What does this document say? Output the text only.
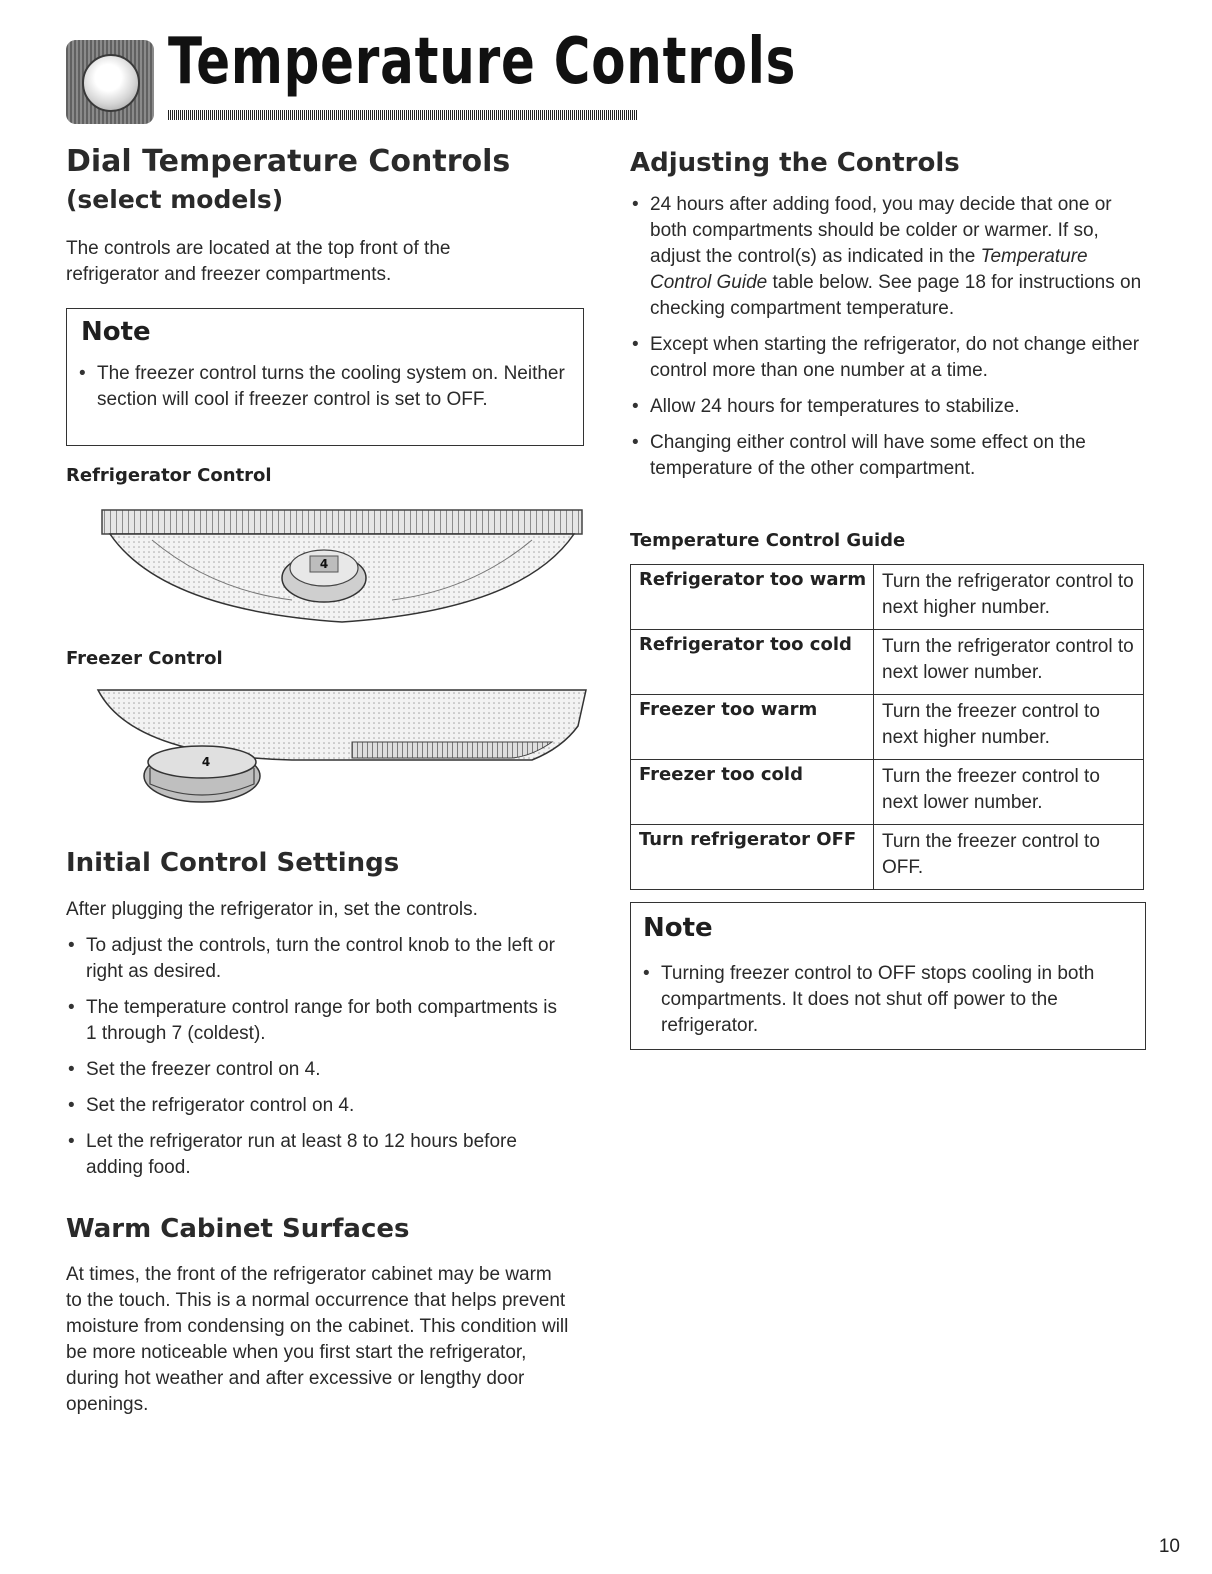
Temperature Controls
Dial Temperature Controls
(select models)
The controls are located at the top front of the refrigerator and freezer compartments.
Note
• The freezer control turns the cooling system on. Neither section will cool if freezer control is set to OFF.
Refrigerator Control
4
Freezer Control
4
Initial Control Settings
After plugging the refrigerator in, set the controls.
• To adjust the controls, turn the control knob to the left or right as desired.
• The temperature control range for both compartments is 1 through 7 (coldest).
• Set the freezer control on 4.
• Set the refrigerator control on 4.
• Let the refrigerator run at least 8 to 12 hours before adding food.
Warm Cabinet Surfaces
At times, the front of the refrigerator cabinet may be warm to the touch. This is a normal occurrence that helps prevent moisture from condensing on the cabinet. This condition will be more noticeable when you first start the refrigerator, during hot weather and after excessive or lengthy door openings.
Adjusting the Controls
• 24 hours after adding food, you may decide that one or both compartments should be colder or warmer. If so, adjust the control(s) as indicated in the Temperature Control Guide table below. See page 18 for instructions on checking compartment temperature.
• Except when starting the refrigerator, do not change either control more than one number at a time.
• Allow 24 hours for temperatures to stabilize.
• Changing either control will have some effect on the temperature of the other compartment.
Temperature Control Guide
Refrigerator too warm	Turn the refrigerator control to next higher number.
Refrigerator too cold	Turn the refrigerator control to next lower number.
Freezer too warm	Turn the freezer control to next higher number.
Freezer too cold	Turn the freezer control to next lower number.
Turn refrigerator OFF	Turn the freezer control to OFF.
Note
• Turning freezer control to OFF stops cooling in both compartments. It does not shut off power to the refrigerator.
10
